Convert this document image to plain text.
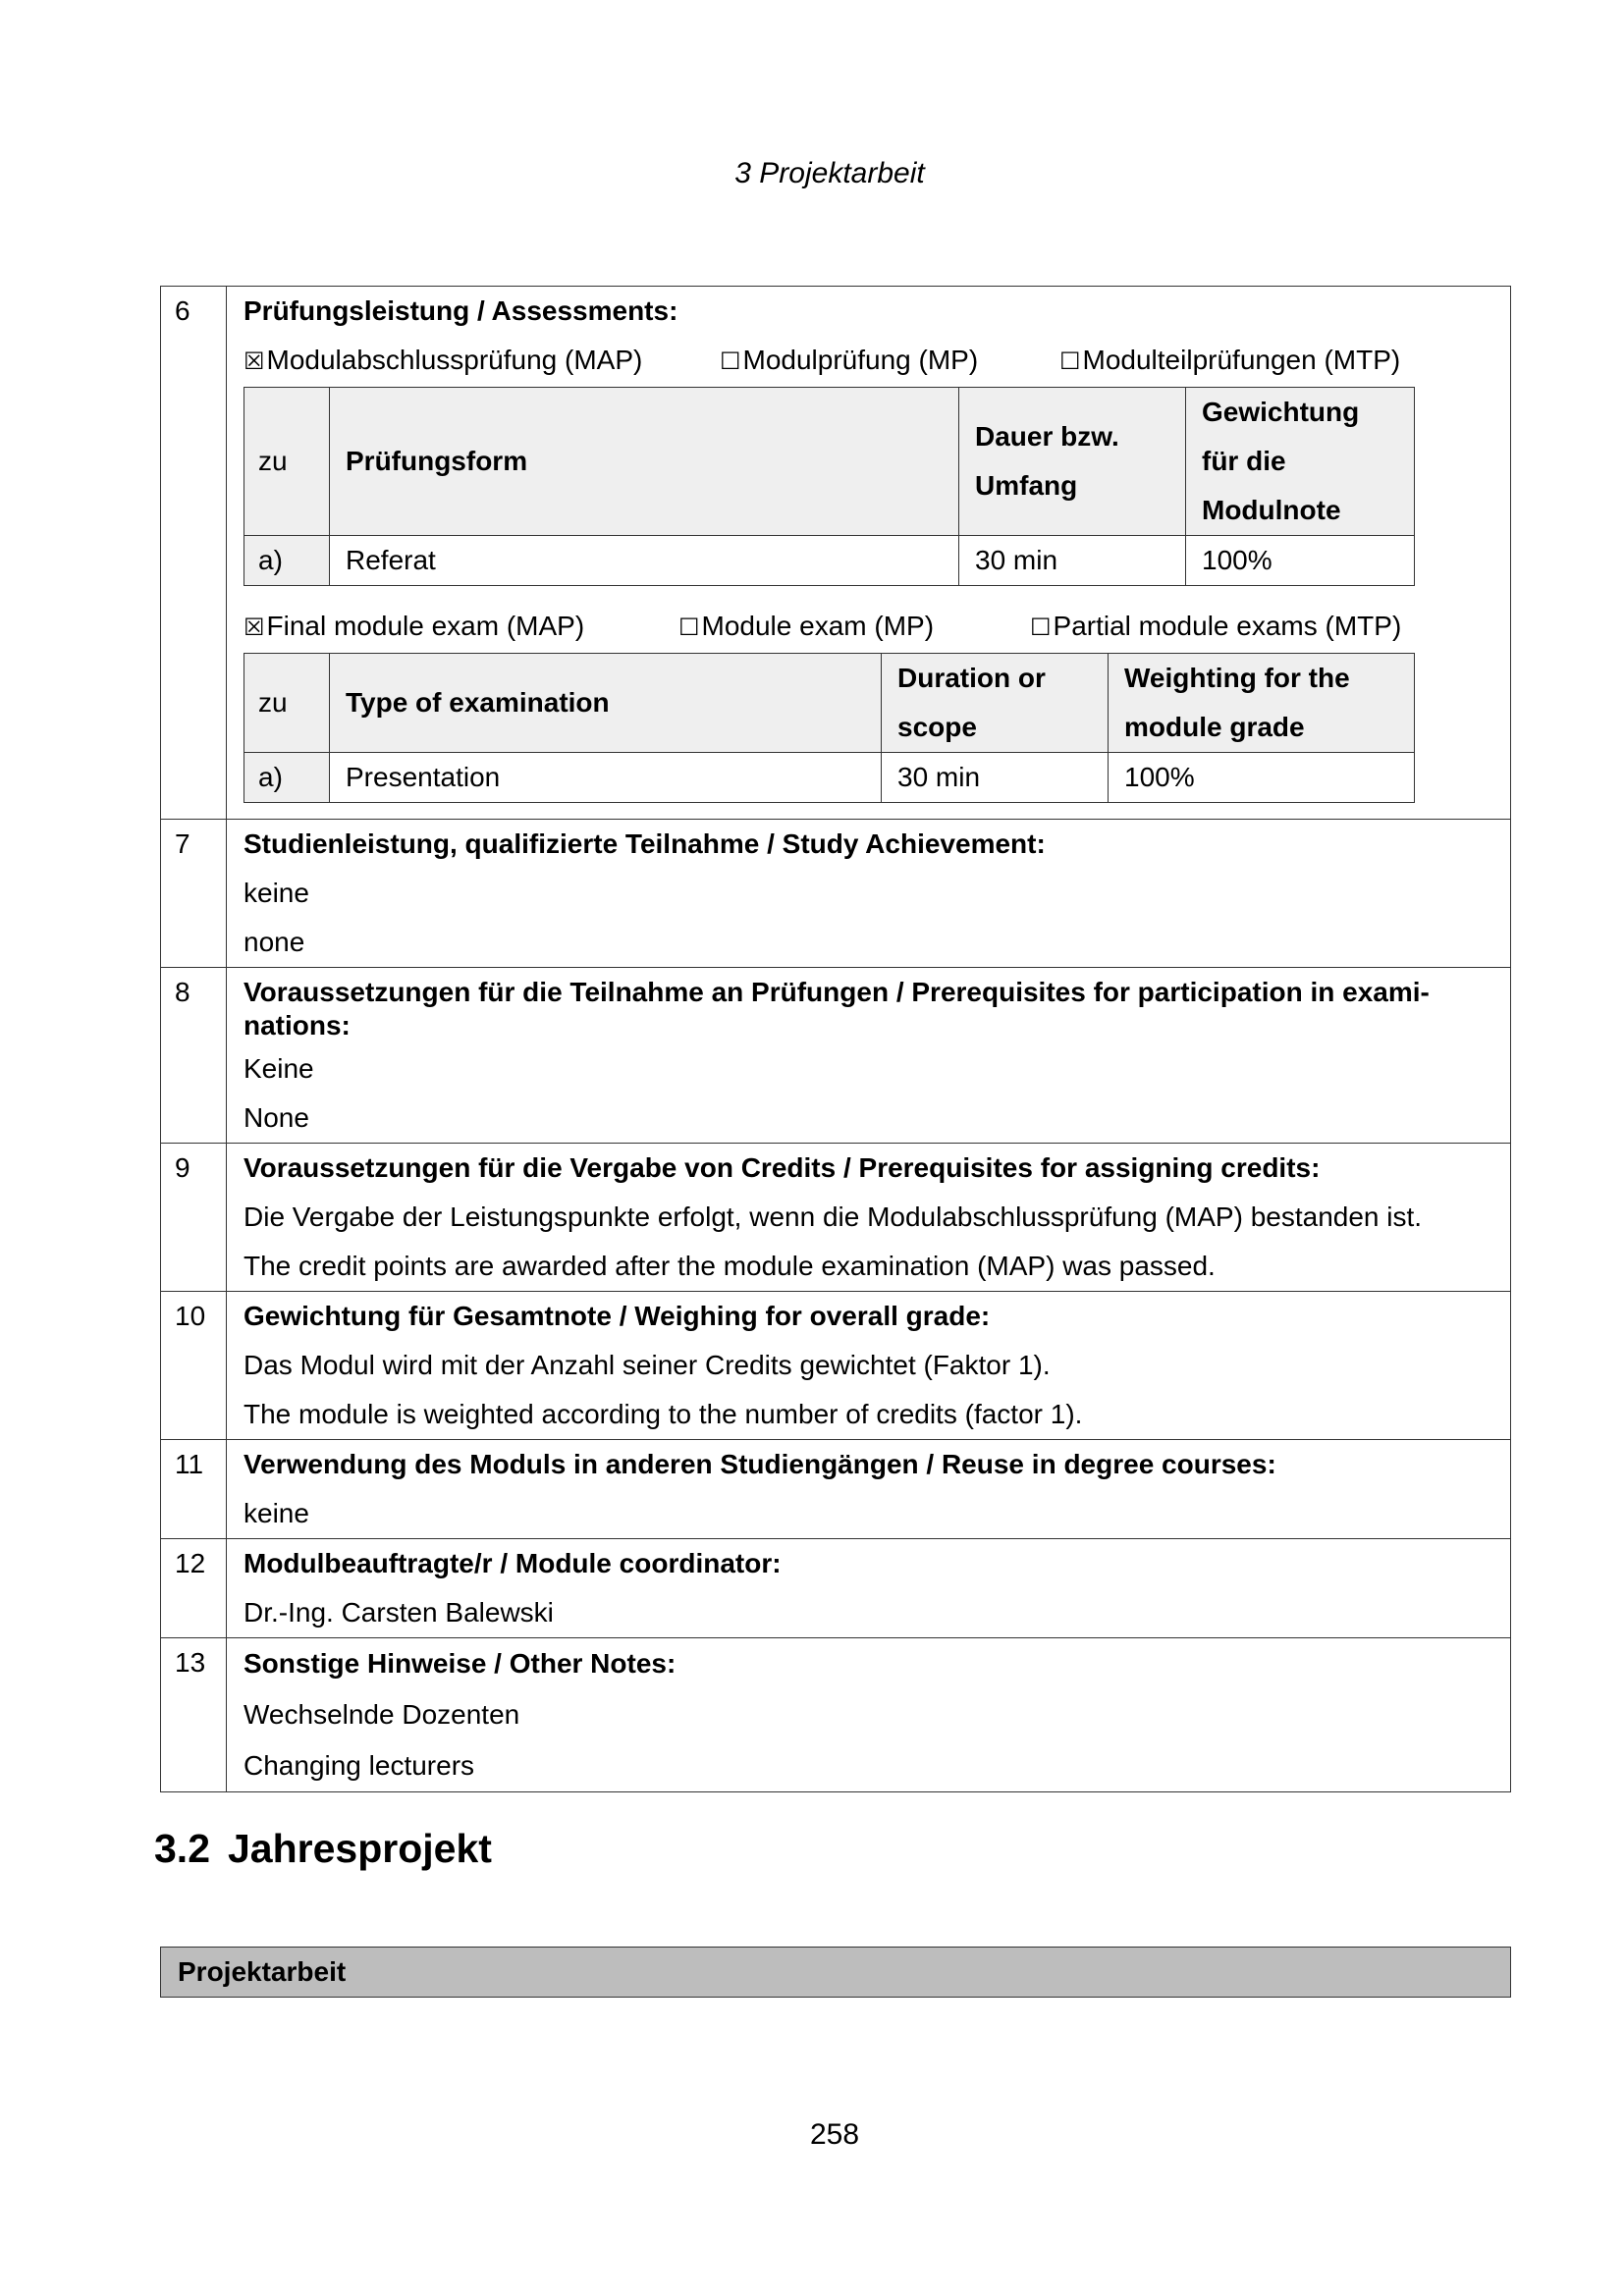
3 Projektarbeit
6	Prüfungsleistung / Assessments:
☒Modulabschlussprüfung (MAP)	☐Modulprüfung (MP)	☐Modulteilprüfungen (MTP)
zu	Prüfungsform	Dauer bzw. Umfang	Gewichtung für die Modulnote
a)	Referat	30 min	100%
☒Final module exam (MAP)	☐Module exam (MP)	☐Partial module exams (MTP)
zu	Type of examination	Duration or scope	Weighting for the module grade
a)	Presentation	30 min	100%

7	Studienleistung, qualifizierte Teilnahme / Study Achievement:
keine
none

8	Voraussetzungen für die Teilnahme an Prüfungen / Prerequisites for participation in exami-nations:
Keine
None

9	Voraussetzungen für die Vergabe von Credits / Prerequisites for assigning credits:
Die Vergabe der Leistungspunkte erfolgt, wenn die Modulabschlussprüfung (MAP) bestanden ist.
The credit points are awarded after the module examination (MAP) was passed.

10	Gewichtung für Gesamtnote / Weighing for overall grade:
Das Modul wird mit der Anzahl seiner Credits gewichtet (Faktor 1).
The module is weighted according to the number of credits (factor 1).

11	Verwendung des Moduls in anderen Studiengängen / Reuse in degree courses:
keine

12	Modulbeauftragte/r / Module coordinator:
Dr.-Ing. Carsten Balewski

13	Sonstige Hinweise / Other Notes:
Wechselnde Dozenten
Changing lecturers
3.2 Jahresprojekt
Projektarbeit
258
